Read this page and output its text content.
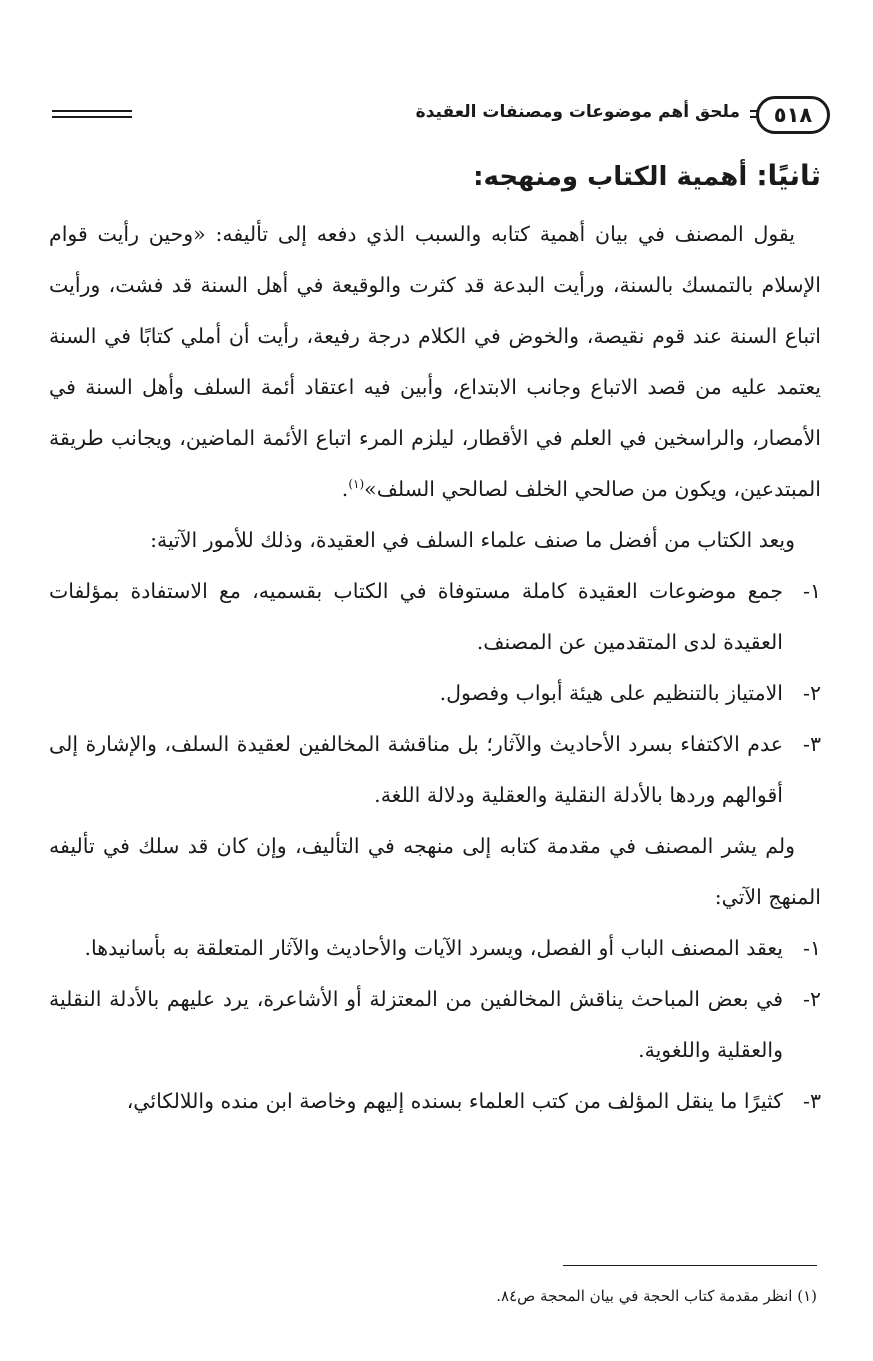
٥١٨
ملحق أهم موضوعات ومصنفات العقيدة
ثانيًا: أهمية الكتاب ومنهجه:

يقول المصنف في بيان أهمية كتابه والسبب الذي دفعه إلى تأليفه: «وحين رأيت قوام الإسلام بالتمسك بالسنة، ورأيت البدعة قد كثرت والوقيعة في أهل السنة قد فشت، ورأيت اتباع السنة عند قوم نقيصة، والخوض في الكلام درجة رفيعة، رأيت أن أملي كتابًا في السنة يعتمد عليه من قصد الاتباع وجانب الابتداع، وأبين فيه اعتقاد أئمة السلف وأهل السنة في الأمصار، والراسخين في العلم في الأقطار، ليلزم المرء اتباع الأئمة الماضين، ويجانب طريقة المبتدعين، ويكون من صالحي الخلف لصالحي السلف»$^{(١)}$.

ويعد الكتاب من أفضل ما صنف علماء السلف في العقيدة، وذلك للأمور الآتية:

١-
جمع موضوعات العقيدة كاملة مستوفاة في الكتاب بقسميه، مع الاستفادة بمؤلفات العقيدة لدى المتقدمين عن المصنف.
٢-
الامتياز بالتنظيم على هيئة أبواب وفصول.
٣-
عدم الاكتفاء بسرد الأحاديث والآثار؛ بل مناقشة المخالفين لعقيدة السلف، والإشارة إلى أقوالهم وردها بالأدلة النقلية والعقلية ودلالة اللغة.

ولم يشر المصنف في مقدمة كتابه إلى منهجه في التأليف، وإن كان قد سلك في تأليفه المنهج الآتي:

١-
يعقد المصنف الباب أو الفصل، ويسرد الآيات والأحاديث والآثار المتعلقة به بأسانيدها.
٢-
في بعض المباحث يناقش المخالفين من المعتزلة أو الأشاعرة، يرد عليهم بالأدلة النقلية والعقلية واللغوية.
٣-
كثيرًا ما ينقل المؤلف من كتب العلماء بسنده إليهم وخاصة ابن منده واللالكائي،
(١) انظر مقدمة كتاب الحجة في بيان المحجة ص٨٤.
